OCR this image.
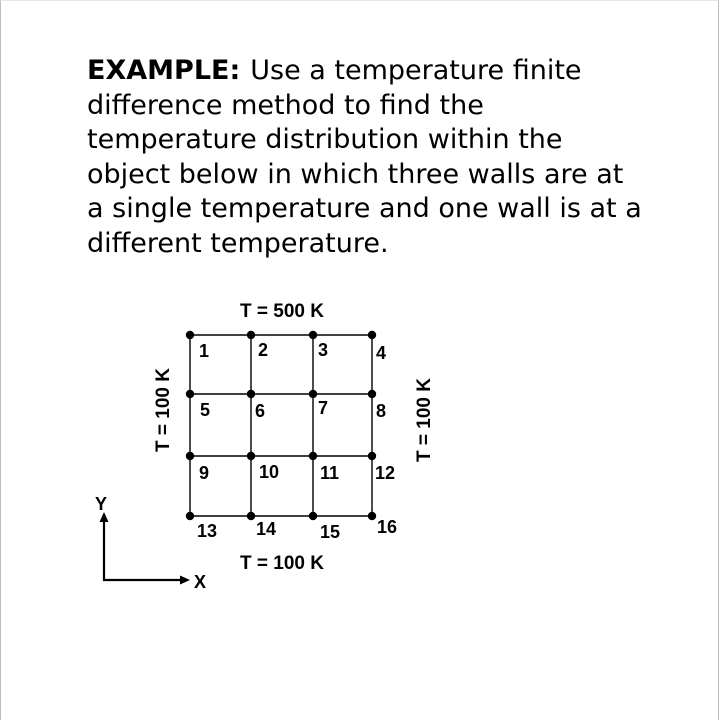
EXAMPLE: Use a temperature finite difference method to find the temperature distribution within the object below in which three walls are at a single temperature and one wall is at a different temperature.

1	2	3	4
5 6	7	8
9	10 11 12
13 14 15 16
T = 500 K
T = 100 K
T = 100 K	T = 100 K
Y
X
